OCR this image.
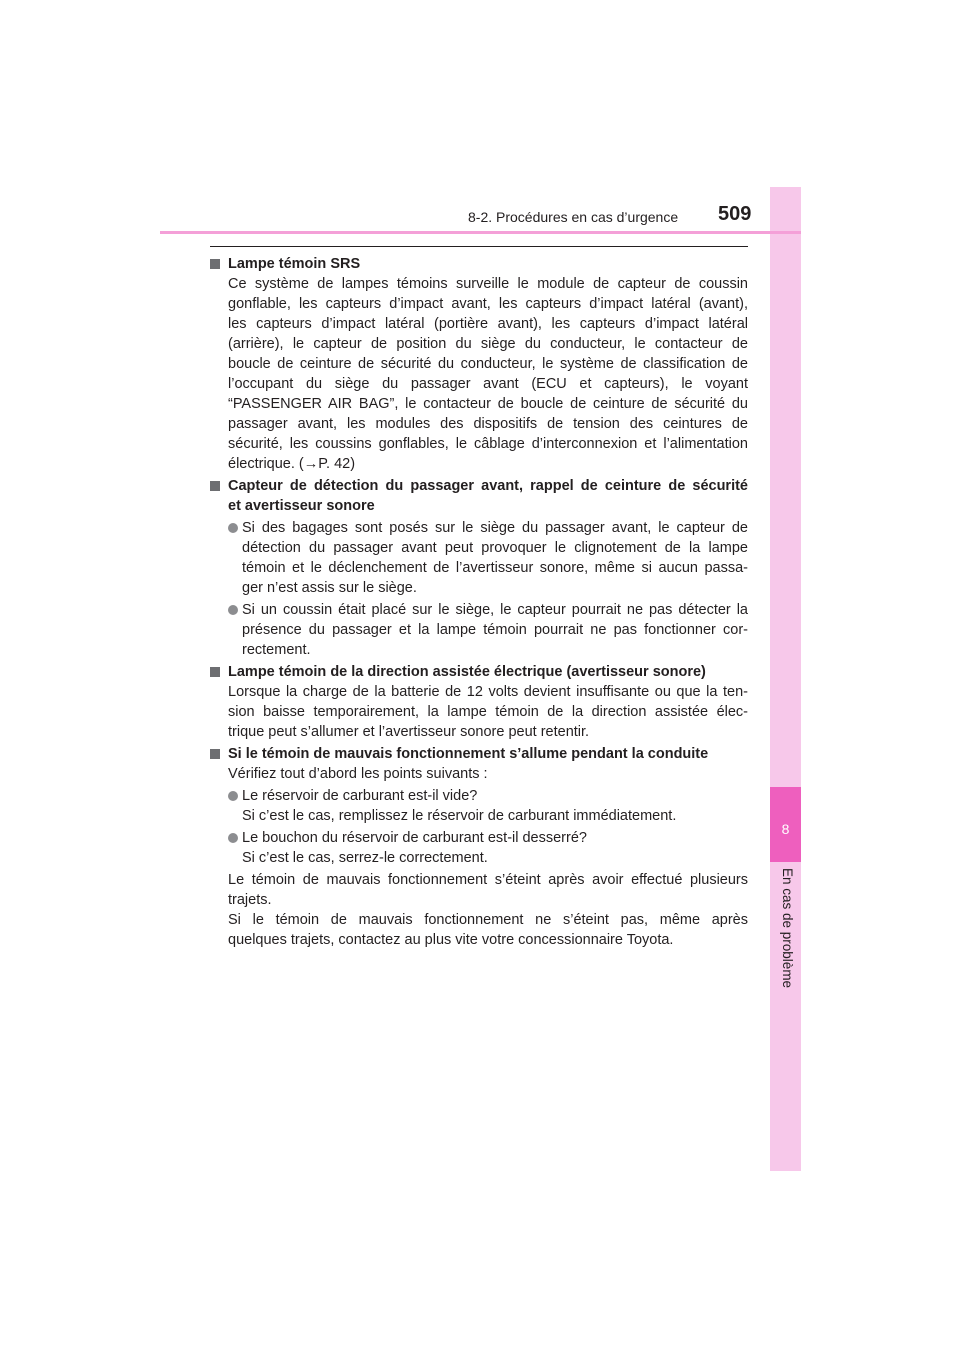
8
En cas de problème
8-2. Procédures en cas d’urgence 509
Lampe témoin SRS
Ce système de lampes témoins surveille le module de capteur de coussin
gonflable, les capteurs d’impact avant, les capteurs d’impact latéral (avant),
les capteurs d’impact latéral (portière avant), les capteurs d’impact latéral
(arrière), le capteur de position du siège du conducteur, le contacteur de
boucle de ceinture de sécurité du conducteur, le système de classification de
l’occupant du siège du passager avant (ECU et capteurs), le voyant
“PASSENGER AIR BAG”, le contacteur de boucle de ceinture de sécurité du
passager avant, les modules des dispositifs de tension des ceintures de
sécurité, les coussins gonflables, le câblage d’interconnexion et l’alimentation
électrique. (→P. 42)
Capteur de détection du passager avant, rappel de ceinture de sécurité
et avertisseur sonore
Si des bagages sont posés sur le siège du passager avant, le capteur de
détection du passager avant peut provoquer le clignotement de la lampe
témoin et le déclenchement de l’avertisseur sonore, même si aucun passa-
ger n’est assis sur le siège.
Si un coussin était placé sur le siège, le capteur pourrait ne pas détecter la
présence du passager et la lampe témoin pourrait ne pas fonctionner cor-
rectement.
Lampe témoin de la direction assistée électrique (avertisseur sonore)
Lorsque la charge de la batterie de 12 volts devient insuffisante ou que la ten-
sion baisse temporairement, la lampe témoin de la direction assistée élec-
trique peut s’allumer et l’avertisseur sonore peut retentir.
Si le témoin de mauvais fonctionnement s’allume pendant la conduite
Vérifiez tout d’abord les points suivants :
Le réservoir de carburant est-il vide?
Si c’est le cas, remplissez le réservoir de carburant immédiatement.
Le bouchon du réservoir de carburant est-il desserré?
Si c’est le cas, serrez-le correctement.
Le témoin de mauvais fonctionnement s’éteint après avoir effectué plusieurs
trajets.
Si le témoin de mauvais fonctionnement ne s’éteint pas, même après
quelques trajets, contactez au plus vite votre concessionnaire Toyota.
